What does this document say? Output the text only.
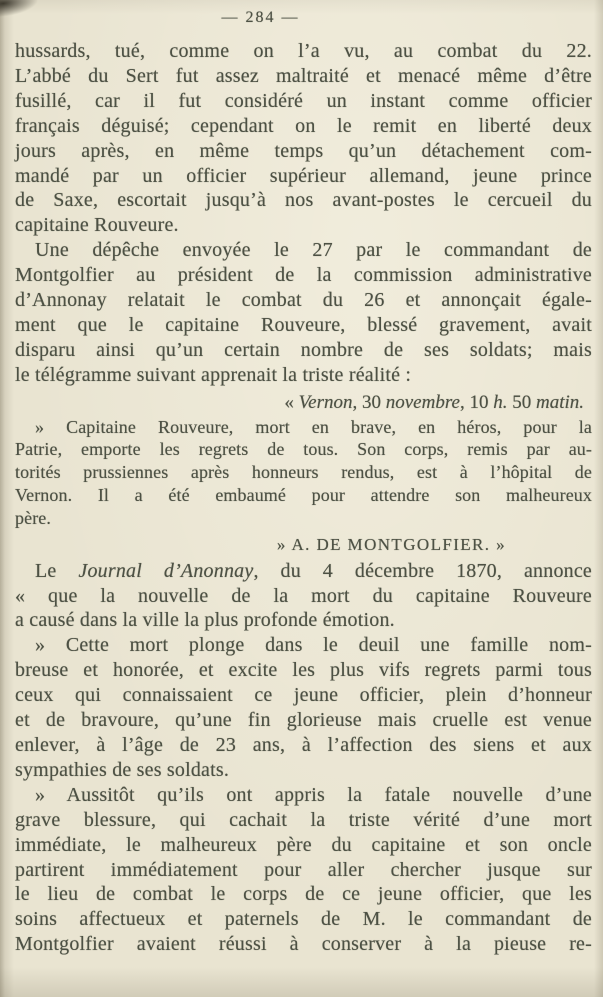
— 284 —
hussards, tué, comme on l’a vu, au combat du 22.
L’abbé du Sert fut assez maltraité et menacé même d’être
fusillé, car il fut considéré un instant comme officier
français déguisé; cependant on le remit en liberté deux
jours après, en même temps qu’un détachement com-
mandé par un officier supérieur allemand, jeune prince
de Saxe, escortait jusqu’à nos avant-postes le cercueil du
capitaine Rouveure.
Une dépêche envoyée le 27 par le commandant de
Montgolfier au président de la commission administrative
d’Annonay relatait le combat du 26 et annonçait égale-
ment que le capitaine Rouveure, blessé gravement, avait
disparu ainsi qu’un certain nombre de ses soldats; mais
le télégramme suivant apprenait la triste réalité :
« Vernon, 30 novembre, 10 h. 50 matin.
» Capitaine Rouveure, mort en brave, en héros, pour la
Patrie, emporte les regrets de tous. Son corps, remis par au-
torités prussiennes après honneurs rendus, est à l’hôpital de
Vernon. Il a été embaumé pour attendre son malheureux
père.
» A. DE MONTGOLFIER. »
Le Journal d’Anonnay, du 4 décembre 1870, annonce
« que la nouvelle de la mort du capitaine Rouveure
a causé dans la ville la plus profonde émotion.
» Cette mort plonge dans le deuil une famille nom-
breuse et honorée, et excite les plus vifs regrets parmi tous
ceux qui connaissaient ce jeune officier, plein d’honneur
et de bravoure, qu’une fin glorieuse mais cruelle est venue
enlever, à l’âge de 23 ans, à l’affection des siens et aux
sympathies de ses soldats.
» Aussitôt qu’ils ont appris la fatale nouvelle d’une
grave blessure, qui cachait la triste vérité d’une mort
immédiate, le malheureux père du capitaine et son oncle
partirent immédiatement pour aller chercher jusque sur
le lieu de combat le corps de ce jeune officier, que les
soins affectueux et paternels de M. le commandant de
Montgolfier avaient réussi à conserver à la pieuse re-
